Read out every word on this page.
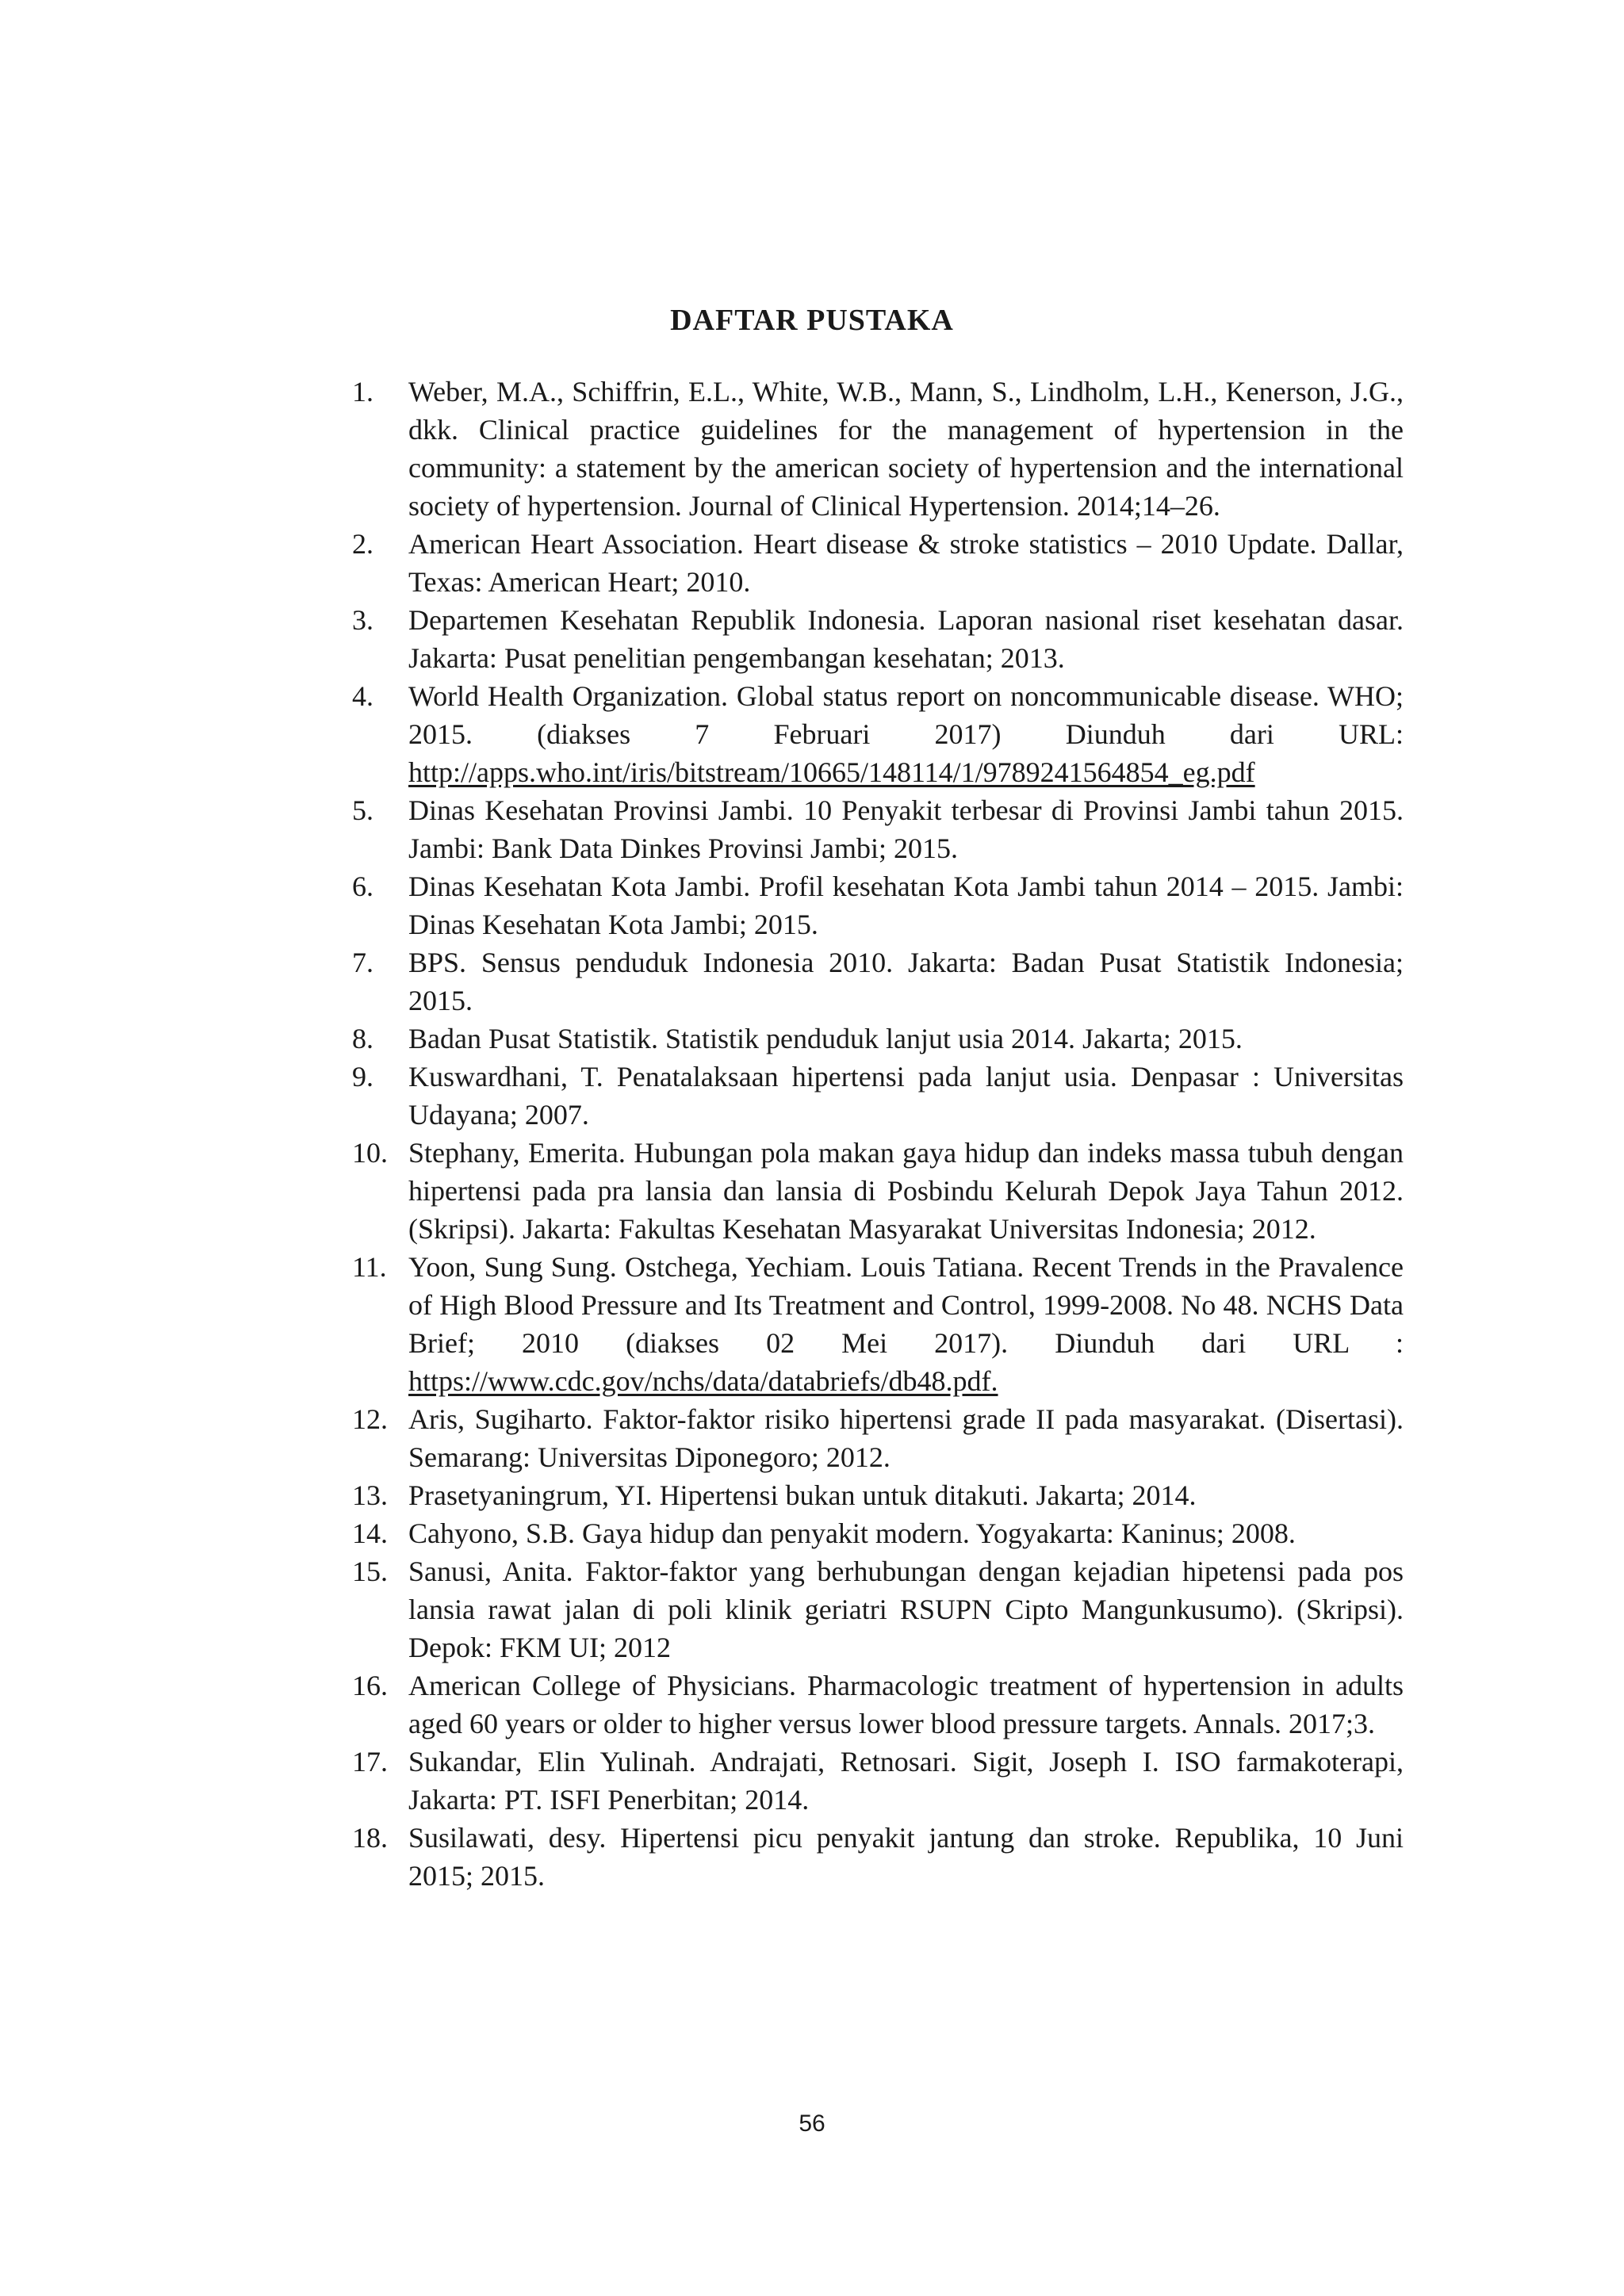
DAFTAR PUSTAKA
1. Weber, M.A., Schiffrin, E.L., White, W.B., Mann, S., Lindholm, L.H., Kenerson, J.G., dkk. Clinical practice guidelines for the management of hypertension in the community: a statement by the american society of hypertension and the international society of hypertension. Journal of Clinical Hypertension. 2014;14–26.
2. American Heart Association. Heart disease & stroke statistics – 2010 Update. Dallar, Texas: American Heart; 2010.
3. Departemen Kesehatan Republik Indonesia. Laporan nasional riset kesehatan dasar. Jakarta: Pusat penelitian pengembangan kesehatan; 2013.
4. World Health Organization. Global status report on noncommunicable disease. WHO; 2015. (diakses 7 Februari 2017) Diunduh dari URL: http://apps.who.int/iris/bitstream/10665/148114/1/9789241564854_eg.pdf
5. Dinas Kesehatan Provinsi Jambi. 10 Penyakit terbesar di Provinsi Jambi tahun 2015. Jambi: Bank Data Dinkes Provinsi Jambi; 2015.
6. Dinas Kesehatan Kota Jambi. Profil kesehatan Kota Jambi tahun 2014 – 2015. Jambi: Dinas Kesehatan Kota Jambi; 2015.
7. BPS. Sensus penduduk Indonesia 2010. Jakarta: Badan Pusat Statistik Indonesia; 2015.
8. Badan Pusat Statistik. Statistik penduduk lanjut usia 2014. Jakarta; 2015.
9. Kuswardhani, T. Penatalaksaan hipertensi pada lanjut usia. Denpasar : Universitas Udayana; 2007.
10. Stephany, Emerita. Hubungan pola makan gaya hidup dan indeks massa tubuh dengan hipertensi pada pra lansia dan lansia di Posbindu Kelurah Depok Jaya Tahun 2012. (Skripsi). Jakarta: Fakultas Kesehatan Masyarakat Universitas Indonesia; 2012.
11. Yoon, Sung Sung. Ostchega, Yechiam. Louis Tatiana. Recent Trends in the Pravalence of High Blood Pressure and Its Treatment and Control, 1999-2008. No 48. NCHS Data Brief; 2010 (diakses 02 Mei 2017). Diunduh dari URL : https://www.cdc.gov/nchs/data/databriefs/db48.pdf.
12. Aris, Sugiharto. Faktor-faktor risiko hipertensi grade II pada masyarakat. (Disertasi). Semarang: Universitas Diponegoro; 2012.
13. Prasetyaningrum, YI. Hipertensi bukan untuk ditakuti. Jakarta; 2014.
14. Cahyono, S.B. Gaya hidup dan penyakit modern. Yogyakarta: Kaninus; 2008.
15. Sanusi, Anita. Faktor-faktor yang berhubungan dengan kejadian hipetensi pada pos lansia rawat jalan di poli klinik geriatri RSUPN Cipto Mangunkusumo). (Skripsi). Depok: FKM UI; 2012
16. American College of Physicians. Pharmacologic treatment of hypertension in adults aged 60 years or older to higher versus lower blood pressure targets. Annals. 2017;3.
17. Sukandar, Elin Yulinah. Andrajati, Retnosari. Sigit, Joseph I. ISO farmakoterapi, Jakarta: PT. ISFI Penerbitan; 2014.
18. Susilawati, desy. Hipertensi picu penyakit jantung dan stroke. Republika, 10 Juni 2015; 2015.
56
